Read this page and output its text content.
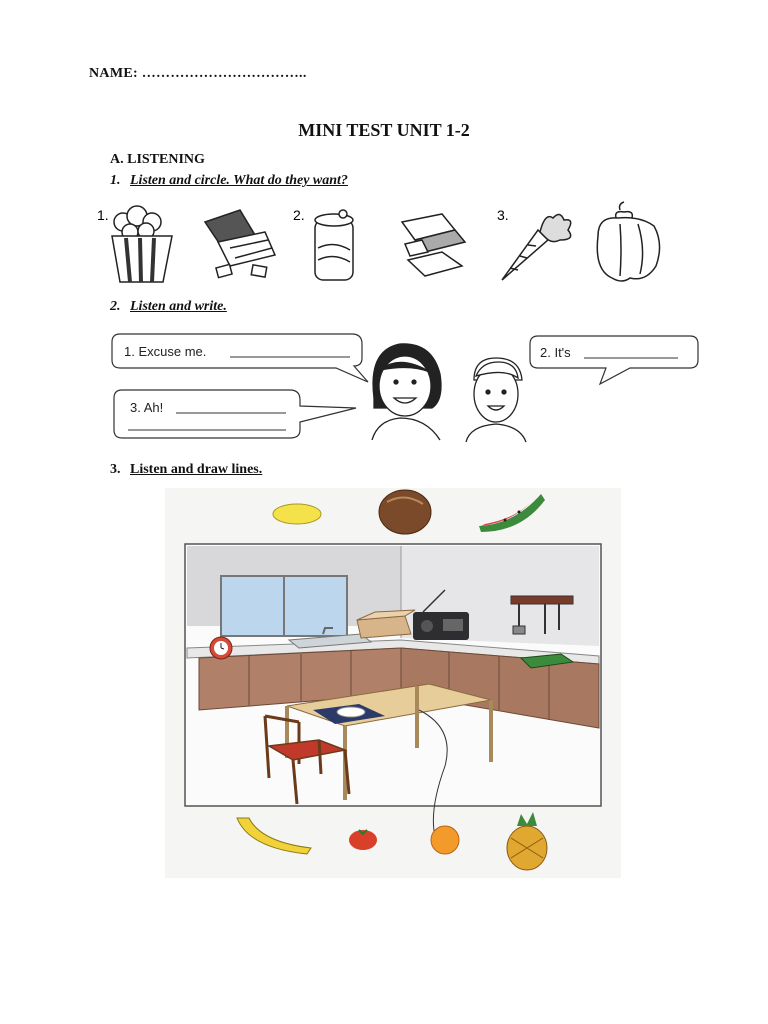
NAME: ……………………………..
MINI TEST UNIT 1-2
A. LISTENING
1. Listen and circle. What do they want?
1.	2.	3.
2. Listen and write.
1. Excuse me.	2. It's
3. Ah!
3. Listen and draw lines.
